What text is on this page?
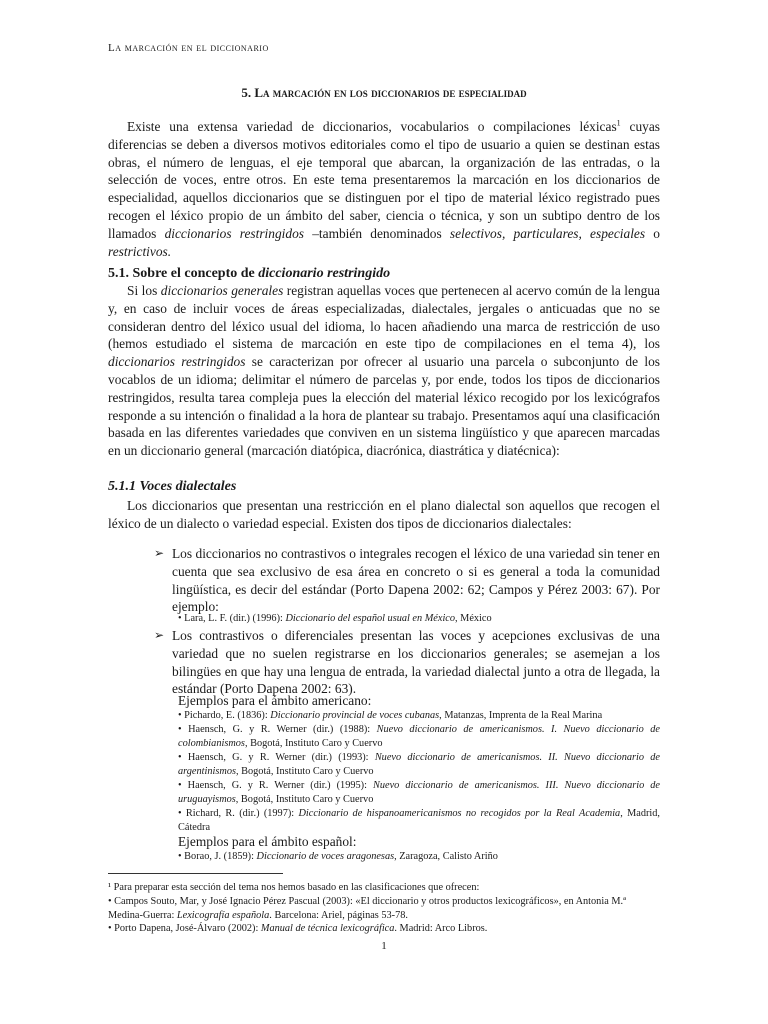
La marcación en el diccionario
5. La marcación en los diccionarios de especialidad
Existe una extensa variedad de diccionarios, vocabularios o compilaciones léxicas$^1$ cuyas diferencias se deben a diversos motivos editoriales como el tipo de usuario a quien se destinan estas obras, el número de lenguas, el eje temporal que abarcan, la organización de las entradas, o la selección de voces, entre otros. En este tema presentaremos la marcación en los diccionarios de especialidad, aquellos diccionarios que se distinguen por el tipo de material léxico registrado pues recogen el léxico propio de un ámbito del saber, ciencia o técnica, y son un subtipo dentro de los llamados diccionarios restringidos –también denominados selectivos, particulares, especiales o restrictivos.
5.1. Sobre el concepto de diccionario restringido
Si los diccionarios generales registran aquellas voces que pertenecen al acervo común de la lengua y, en caso de incluir voces de áreas especializadas, dialectales, jergales o anticuadas que no se consideran dentro del léxico usual del idioma, lo hacen añadiendo una marca de restricción de uso (hemos estudiado el sistema de marcación en este tipo de compilaciones en el tema 4), los diccionarios restringidos se caracterizan por ofrecer al usuario una parcela o subconjunto de los vocablos de un idioma; delimitar el número de parcelas y, por ende, todos los tipos de diccionarios restringidos, resulta tarea compleja pues la elección del material léxico recogido por los lexicógrafos responde a su intención o finalidad a la hora de plantear su trabajo. Presentamos aquí una clasificación basada en las diferentes variedades que conviven en un sistema lingüístico y que aparecen marcadas en un diccionario general (marcación diatópica, diacrónica, diastrática y diatécnica):
5.1.1 Voces dialectales
Los diccionarios que presentan una restricción en el plano dialectal son aquellos que recogen el léxico de un dialecto o variedad especial. Existen dos tipos de diccionarios dialectales:
➢ Los diccionarios no contrastivos o integrales recogen el léxico de una variedad sin tener en cuenta que sea exclusivo de esa área en concreto o si es general a toda la comunidad lingüística, es decir del estándar (Porto Dapena 2002: 62; Campos y Pérez 2003: 67). Por ejemplo:
• Lara, L. F. (dir.) (1996): Diccionario del español usual en México, México
➢ Los contrastivos o diferenciales presentan las voces y acepciones exclusivas de una variedad que no suelen registrarse en los diccionarios generales; se asemejan a los bilingües en que hay una lengua de entrada, la variedad dialectal junto a otra de llegada, la estándar (Porto Dapena 2002: 63).
Ejemplos para el ámbito americano:
• Pichardo, E. (1836): Diccionario provincial de voces cubanas, Matanzas, Imprenta de la Real Marina
• Haensch, G. y R. Werner (dir.) (1988): Nuevo diccionario de americanismos. I. Nuevo diccionario de colombianismos, Bogotá, Instituto Caro y Cuervo
• Haensch, G. y R. Werner (dir.) (1993): Nuevo diccionario de americanismos. II. Nuevo diccionario de argentinismos, Bogotá, Instituto Caro y Cuervo
• Haensch, G. y R. Werner (dir.) (1995): Nuevo diccionario de americanismos. III. Nuevo diccionario de uruguayismos, Bogotá, Instituto Caro y Cuervo
• Richard, R. (dir.) (1997): Diccionario de hispanoamericanismos no recogidos por la Real Academia, Madrid, Cátedra
Ejemplos para el ámbito español:
• Borao, J. (1859): Diccionario de voces aragonesas, Zaragoza, Calisto Ariño
¹ Para preparar esta sección del tema nos hemos basado en las clasificaciones que ofrecen:
• Campos Souto, Mar, y José Ignacio Pérez Pascual (2003): «El diccionario y otros productos lexicográficos», en Antonia M.ª Medina-Guerra: Lexicografía española. Barcelona: Ariel, páginas 53-78.
• Porto Dapena, José-Álvaro (2002): Manual de técnica lexicográfica. Madrid: Arco Libros.
1
